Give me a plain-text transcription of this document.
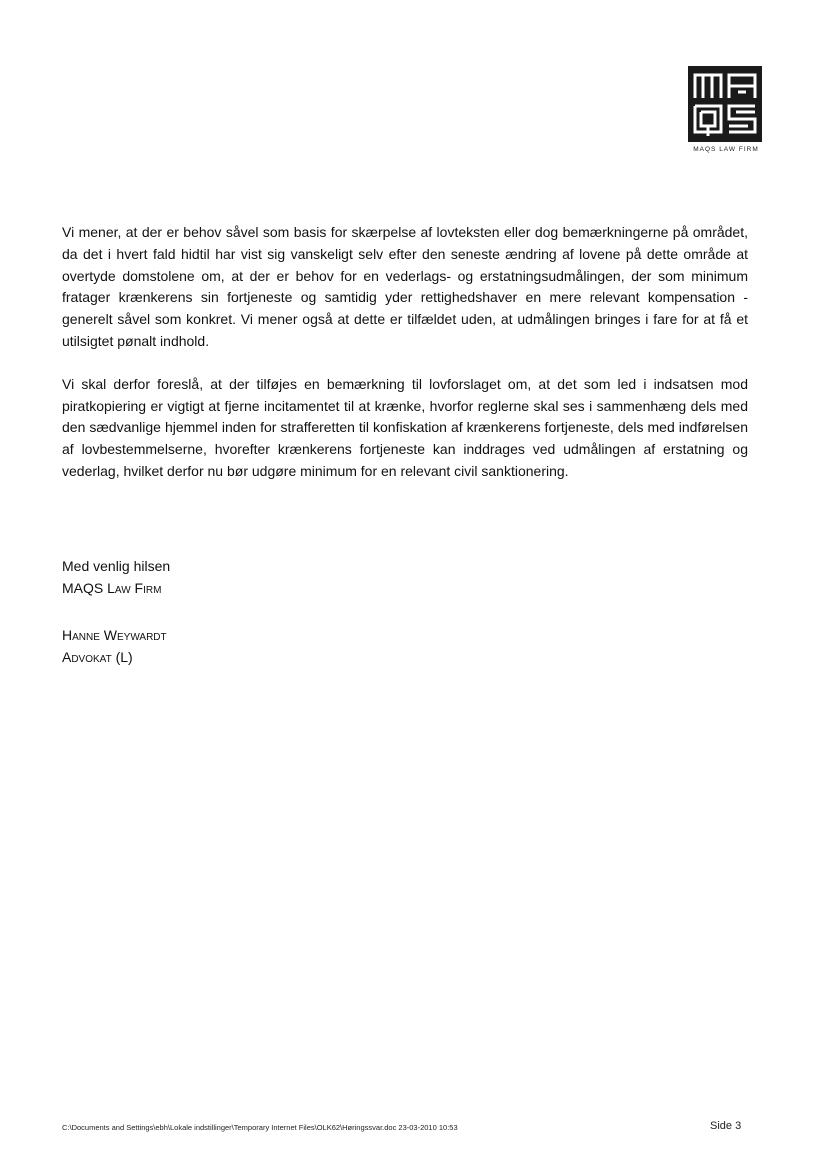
MAQS LAW FIRM

Vi mener, at der er behov såvel som basis for skærpelse af lovteksten eller dog bemærkningerne på området, da det i hvert fald hidtil har vist sig vanskeligt selv efter den seneste ændring af lovene på dette område at overtyde domstolene om, at der er behov for en vederlags- og erstatningsudmålingen, der som minimum fratager krænkerens sin fortjeneste og samtidig yder rettighedshaver en mere relevant kompensation - generelt såvel som konkret. Vi mener også at dette er tilfældet uden, at udmålingen bringes i fare for at få et utilsigtet pønalt indhold.

Vi skal derfor foreslå, at der tilføjes en bemærkning til lovforslaget om, at det som led i indsatsen mod piratkopiering er vigtigt at fjerne incitamentet til at krænke, hvorfor reglerne skal ses i sammenhæng dels med den sædvanlige hjemmel inden for strafferetten til konfiskation af krænkerens fortjeneste, dels med indførelsen af lovbestemmelserne, hvorefter krænkerens fortjeneste kan inddrages ved udmålingen af erstatning og vederlag, hvilket derfor nu bør udgøre minimum for en relevant civil sanktionering.

Med venlig hilsen
MAQS Law Firm
Hanne Weywardt
Advokat (L)
C:\Documents and Settings\ebh\Lokale indstillinger\Temporary Internet Files\OLK62\Høringssvar.doc 23-03-2010 10:53	Side 3
